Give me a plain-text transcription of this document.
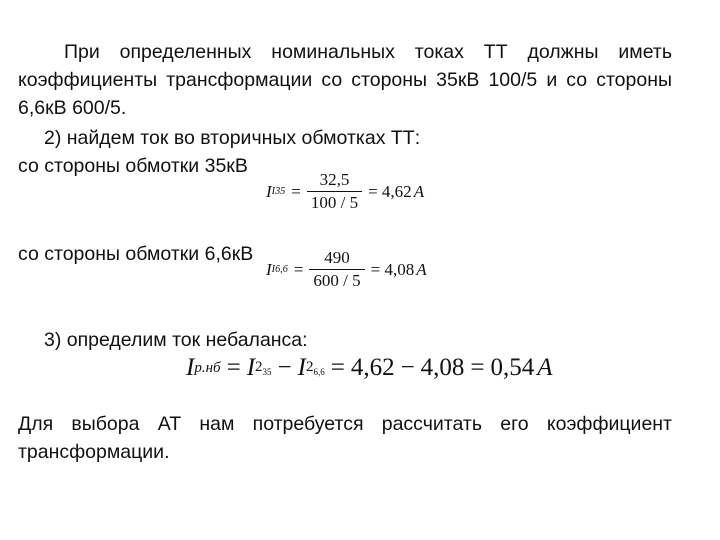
При определенных номинальных токах ТТ должны иметь коэффициенты трансформации со стороны 35кВ 100/5 и со стороны 6,6кВ 600/5.
2) найдем ток во вторичных обмотках ТТ:
со стороны обмотки 35кВ
I $I35 = \frac{32,5}{100 / 5} = 4,62$ A
со стороны обмотки 6,6кВ
I $I6,6 = \frac{490}{600 / 5} = 4,08$ A
3) определим ток небаланса:
I р.нб = I $2_{35} - I$ $2_{6,6} = 4,62 - 4,08 = 0,54$ A
Для выбора АТ нам потребуется рассчитать его коэффициент трансформации.
